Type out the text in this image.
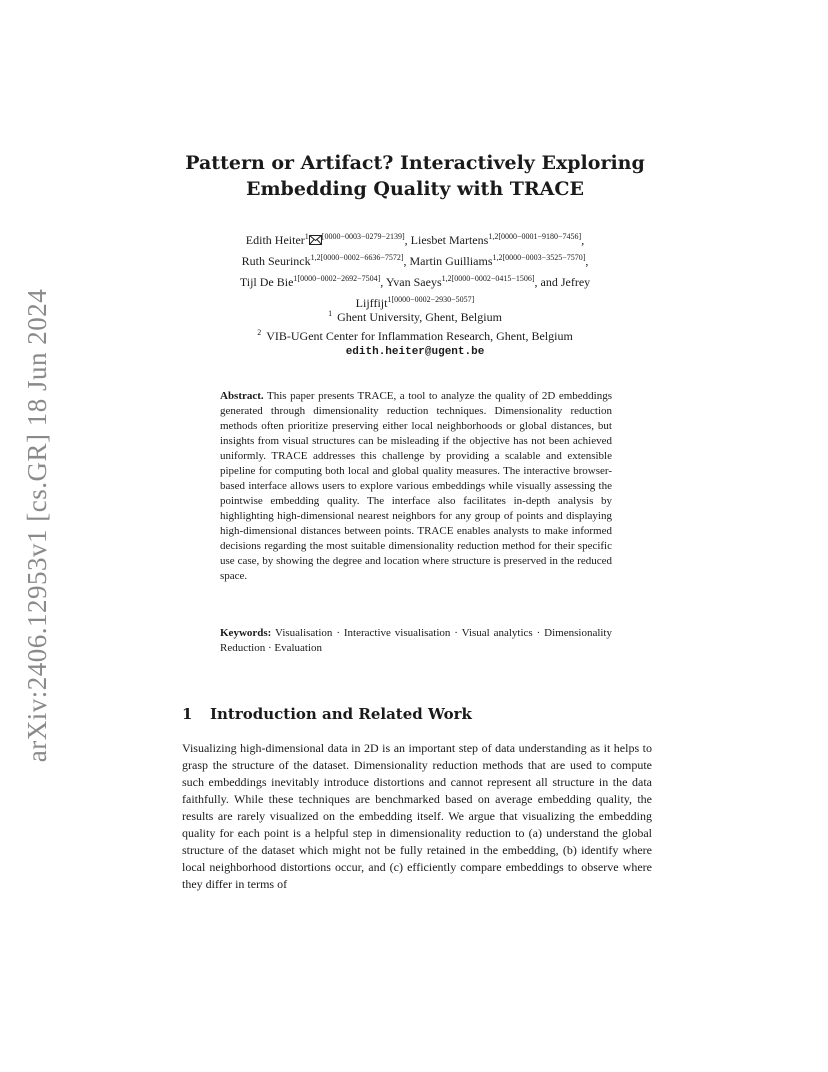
arXiv:2406.12953v1 [cs.GR] 18 Jun 2024
Pattern or Artifact? Interactively Exploring
Embedding Quality with TRACE
Edith Heiter$^1$ [0000−0003−0279−2139], Liesbet Martens$^{1,2[0000-0001-9180-7456]}$,
Ruth Seurinck$^{1,2[0000-0002-6636-7572]}$, Martin Guilliams$^{1,2[0000-0003-3525-7570]}$,
Tijl De Bie$^{1[0000-0002-2692-7504]}$, Yvan Saeys$^{1,2[0000-0002-0415-1506]}$, and Jefrey
Lijffijt$^{1[0000-0002-2930-5057]}$
$^1$ Ghent University, Ghent, Belgium
$^2$ VIB-UGent Center for Inflammation Research, Ghent, Belgium
edith.heiter@ugent.be
Abstract. This paper presents TRACE, a tool to analyze the quality of 2D embeddings generated through dimensionality reduction techniques. Dimensionality reduction methods often prioritize preserving either local neighborhoods or global distances, but insights from visual structures can be misleading if the objective has not been achieved uniformly. TRACE addresses this challenge by providing a scalable and extensible pipeline for computing both local and global quality measures. The interactive browser-based interface allows users to explore various embeddings while visually assessing the pointwise embedding quality. The interface also facilitates in-depth analysis by highlighting high-dimensional nearest neighbors for any group of points and displaying high-dimensional distances between points. TRACE enables analysts to make informed decisions regarding the most suitable dimensionality reduction method for their specific use case, by showing the degree and location where structure is preserved in the reduced space.
Keywords: Visualisation · Interactive visualisation · Visual analytics · Dimensionality Reduction · Evaluation
1 Introduction and Related Work
Visualizing high-dimensional data in 2D is an important step of data understanding as it helps to grasp the structure of the dataset. Dimensionality reduction methods that are used to compute such embeddings inevitably introduce distortions and cannot represent all structure in the data faithfully. While these techniques are benchmarked based on average embedding quality, the results are rarely visualized on the embedding itself. We argue that visualizing the embedding quality for each point is a helpful step in dimensionality reduction to (a) understand the global structure of the dataset which might not be fully retained in the embedding, (b) identify where local neighborhood distortions occur, and (c) efficiently compare embeddings to observe where they differ in terms of
